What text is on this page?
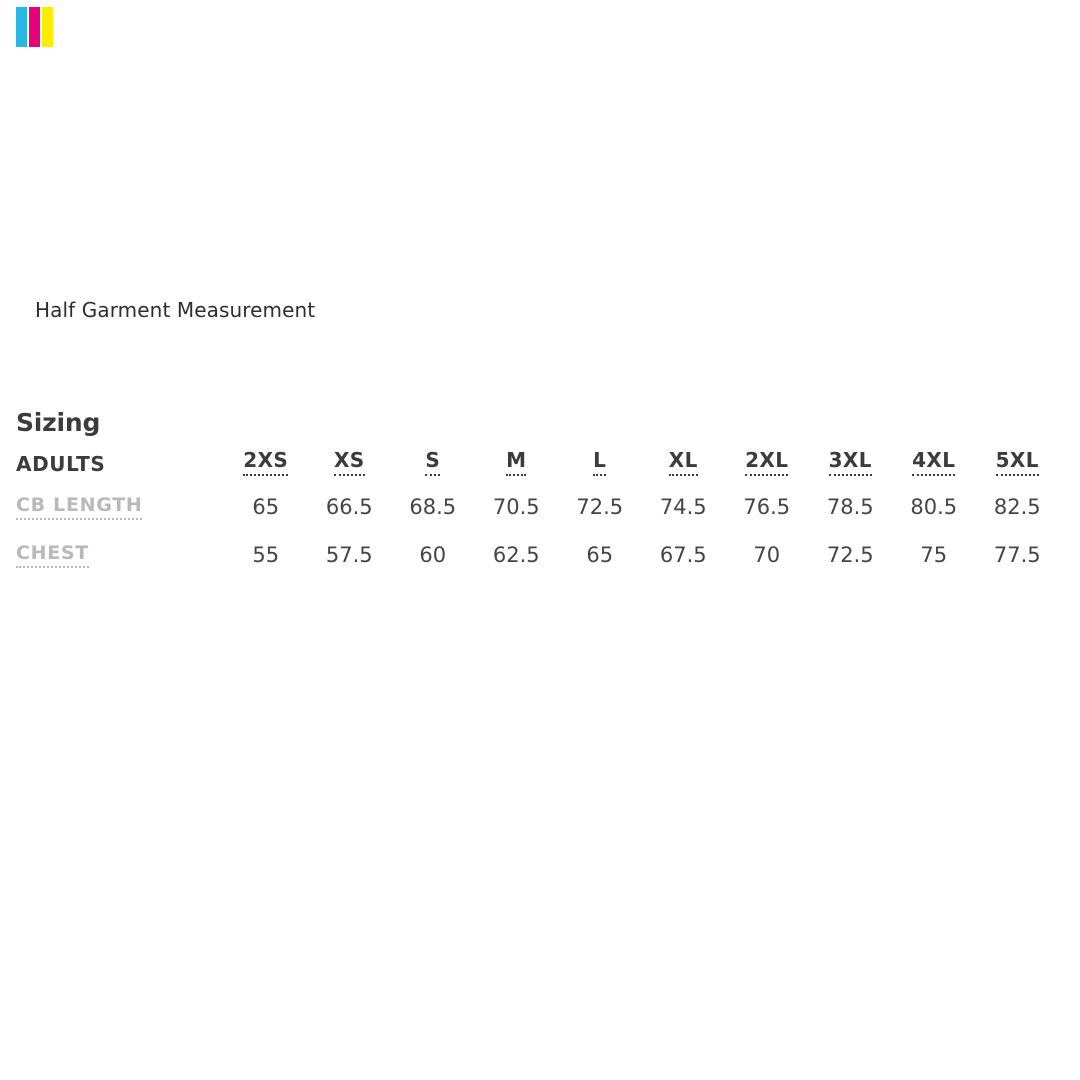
Half Garment Measurement
Sizing
ADULTS	2XS	XS	S	M	L	XL	2XL	3XL	4XL	5XL
CB LENGTH	65	66.5	68.5	70.5	72.5	74.5	76.5	78.5	80.5	82.5
CHEST	55	57.5	60	62.5	65	67.5	70	72.5	75	77.5
